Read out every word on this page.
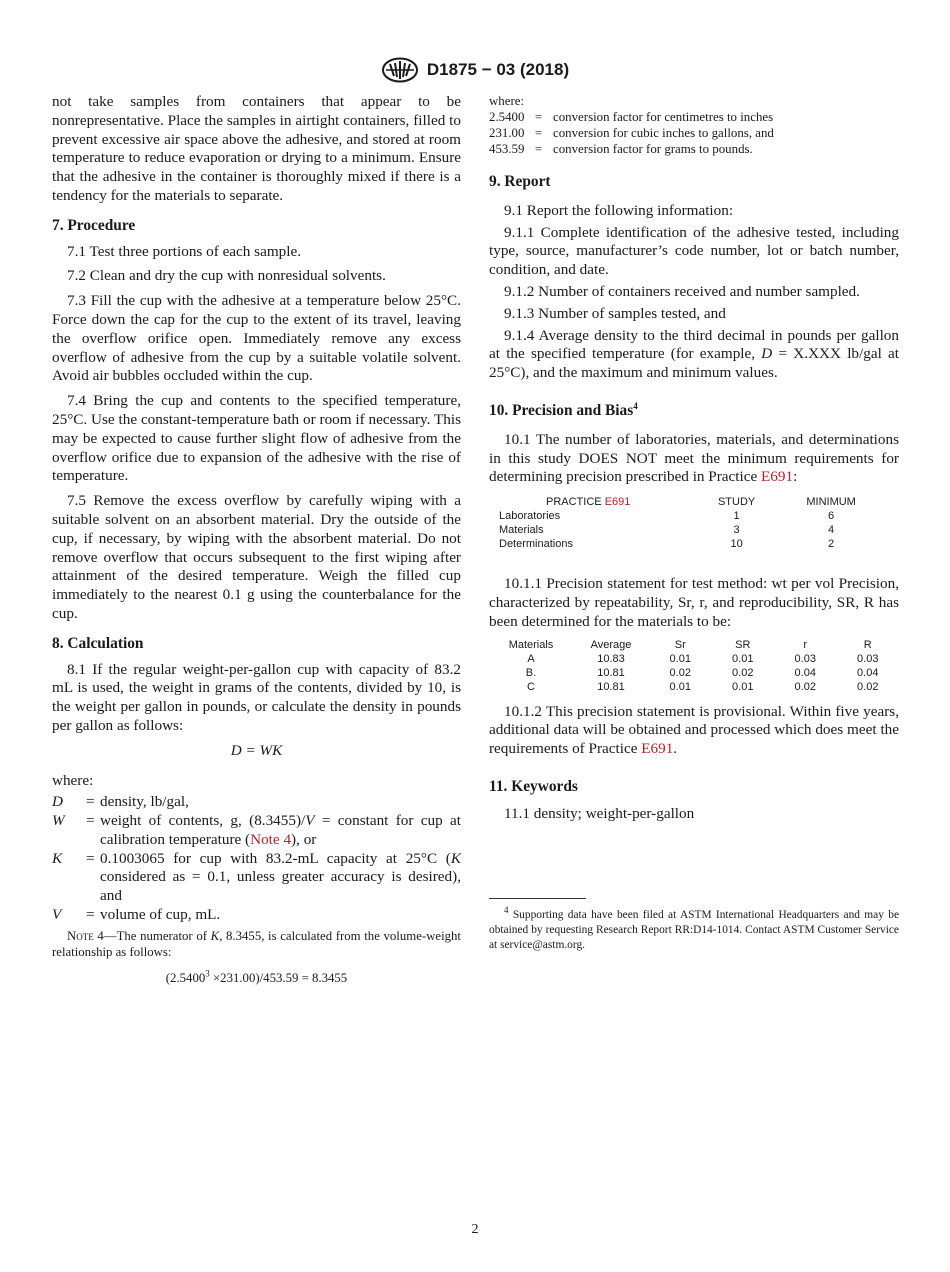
D1875 − 03 (2018)

not take samples from containers that appear to be nonrepresentative. Place the samples in airtight containers, filled to prevent excessive air space above the adhesive, and stored at room temperature to reduce evaporation or drying to a minimum. Ensure that the adhesive in the container is thoroughly mixed if there is a tendency for the materials to separate.

7. Procedure

7.1 Test three portions of each sample.

7.2 Clean and dry the cup with nonresidual solvents.

7.3 Fill the cup with the adhesive at a temperature below 25°C. Force down the cap for the cup to the extent of its travel, leaving the overflow orifice open. Immediately remove any excess overflow of adhesive from the cup by a suitable volatile solvent. Avoid air bubbles occluded within the cup.

7.4 Bring the cup and contents to the specified temperature, 25°C. Use the constant-temperature bath or room if necessary. This may be expected to cause further slight flow of adhesive from the overflow orifice due to expansion of the adhesive with the rise of temperature.

7.5 Remove the excess overflow by carefully wiping with a suitable solvent on an absorbent material. Dry the outside of the cup, if necessary, by wiping with the absorbent material. Do not remove overflow that occurs subsequent to the first wiping after attainment of the desired temperature. Weigh the filled cup immediately to the nearest 0.1 g using the counterbalance for the cup.

8. Calculation

8.1 If the regular weight-per-gallon cup with capacity of 83.2 mL is used, the weight in grams of the contents, divided by 10, is the weight per gallon in pounds, or calculate the density in pounds per gallon as follows:

D = WK
where:
D	= density, lb/gal,
W	= weight of contents, g, (8.3455)/V = constant for cup at calibration temperature (Note 4), or
K	= 0.1003065 for cup with 83.2-mL capacity at 25°C (K considered as = 0.1, unless greater accuracy is desired), and
V	= volume of cup, mL.

Note 4—The numerator of K, 8.3455, is calculated from the volume-weight relationship as follows:

$(2.5400^3 \times 231.00)/453.59 = 8.3455$
where:
2.5400 = conversion factor for centimetres to inches
231.00 = conversion for cubic inches to gallons, and
453.59 = conversion factor for grams to pounds.
9. Report

9.1 Report the following information:

9.1.1 Complete identification of the adhesive tested, including type, source, manufacturer’s code number, lot or batch number, condition, and date.

9.1.2 Number of containers received and number sampled.

9.1.3 Number of samples tested, and

9.1.4 Average density to the third decimal in pounds per gallon at the specified temperature (for example, D = X.XXX lb/gal at 25°C), and the maximum and minimum values.

10. Precision and Bias$^4$

10.1 The number of laboratories, materials, and determinations in this study DOES NOT meet the minimum requirements for determining precision prescribed in Practice E691:

PRACTICE E691	STUDY	MINIMUM
Laboratories	1	6
Materials	3	4
Determinations	10	2

10.1.1 Precision statement for test method: wt per vol Precision, characterized by repeatability, Sr, r, and reproducibility, SR, R has been determined for the materials to be:

Materials	Average	Sr	SR	r	R
A	10.83	0.01	0.01	0.03	0.03
B.	10.81	0.02	0.02	0.04	0.04
C	10.81	0.01	0.01	0.02	0.02

10.1.2 This precision statement is provisional. Within five years, additional data will be obtained and processed which does meet the requirements of Practice E691.

11. Keywords

11.1 density; weight-per-gallon

$^4$ Supporting data have been filed at ASTM International Headquarters and may be obtained by requesting Research Report RR:D14-1014. Contact ASTM Customer Service at service@astm.org.

2
